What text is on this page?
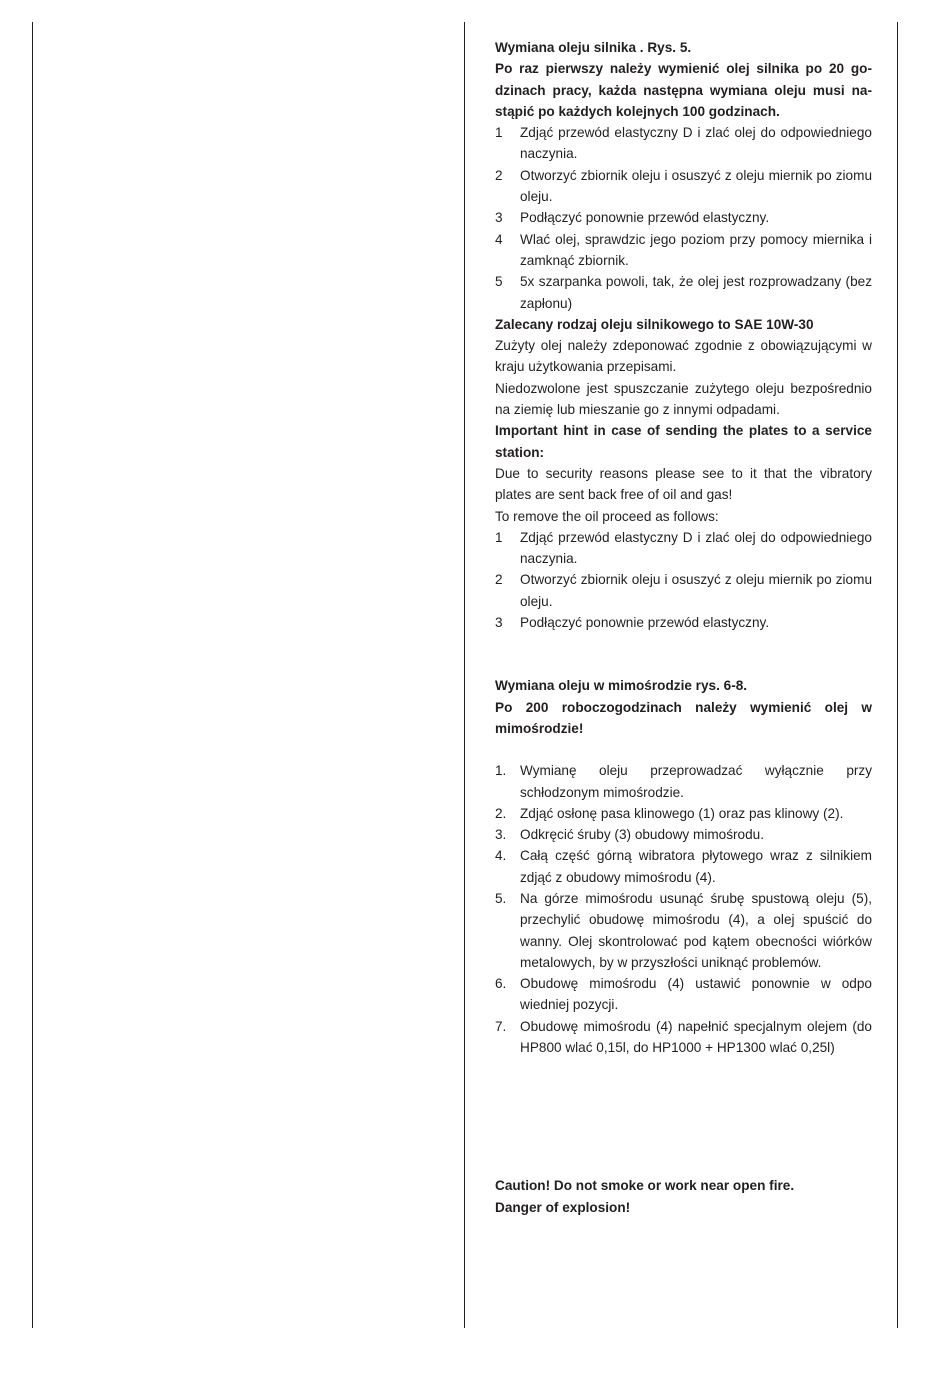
Wymiana oleju silnika . Rys. 5.

Po raz pierwszy należy wymienić olej silnika po 20 go-dzinach pracy, każda następna wymiana oleju musi na-stąpić po każdych kolejnych 100 godzinach.

1	Zdjąć przewód elastyczny D i zlać olej do odpowiedniego naczynia.
2	Otworzyć zbiornik oleju i osuszyć z oleju miernik po ziomu oleju.
3	Podłączyć ponownie przewód elastyczny.
4	Wlać olej, sprawdzic jego poziom przy pomocy miernika i zamknąć zbiornik.
5	5x szarpanka powoli, tak, że olej jest rozprowadzany (bez zapłonu)

Zalecany rodzaj oleju silnikowego to SAE 10W-30

Zużyty olej należy zdeponować zgodnie z obowiązującymi w kraju użytkowania przepisami.

Niedozwolone jest spuszczanie zużytego oleju bezpośrednio na ziemię lub mieszanie go z innymi odpadami.

Important hint in case of sending the plates to a service station:

Due to security reasons please see to it that the vibratory plates are sent back free of oil and gas!

To remove the oil proceed as follows:

1	Zdjąć przewód elastyczny D i zlać olej do odpowiedniego naczynia.
2	Otworzyć zbiornik oleju i osuszyć z oleju miernik po ziomu oleju.
3	Podłączyć ponownie przewód elastyczny.

Wymiana oleju w mimośrodzie rys. 6-8.

Po 200 roboczogodzinach należy wymienić olej w mimośrodzie!

1.	Wymianę oleju przeprowadzać wyłącznie przy schłodzonym mimośrodzie.
2.	Zdjąć osłonę pasa klinowego (1) oraz pas klinowy (2).
3.	Odkręcić śruby (3) obudowy mimośrodu.
4.	Całą część górną wibratora płytowego wraz z silnikiem zdjąć z obudowy mimośrodu (4).
5.	Na górze mimośrodu usunąć śrubę spustową oleju (5), przechylić obudowę mimośrodu (4), a olej spuścić do wanny. Olej skontrolować pod kątem obecności wiórków metalowych, by w przyszłości uniknąć problemów.
6.	Obudowę mimośrodu (4) ustawić ponownie w odpo wiedniej pozycji.
7.	Obudowę mimośrodu (4) napełnić specjalnym olejem (do HP800 wlać 0,15l, do HP1000 + HP1300 wlać 0,25l)

Caution! Do not smoke or work near open fire.

Danger of explosion!
